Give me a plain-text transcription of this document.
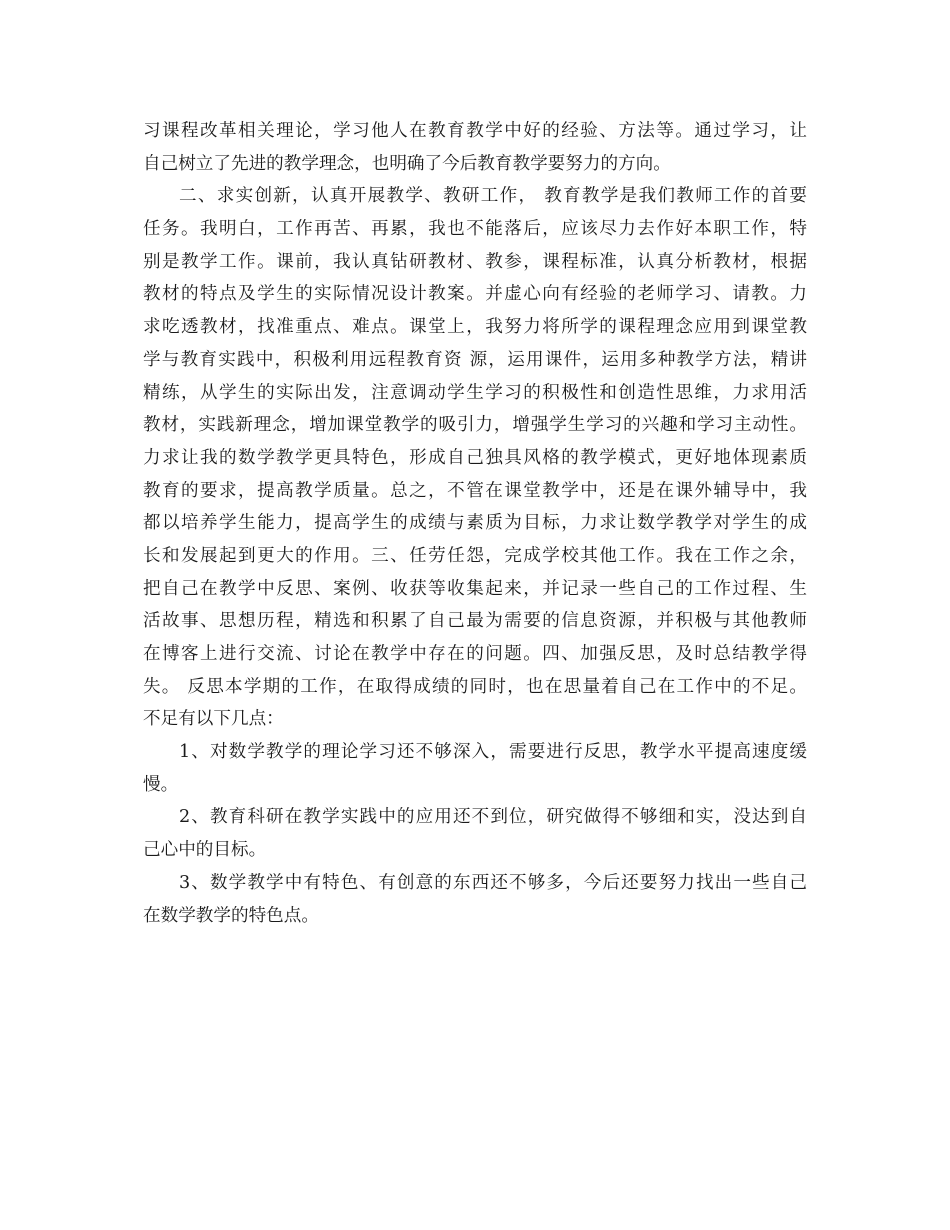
习课程改革相关理论，学习他人在教育教学中好的经验、方法等。通过学习，让
自己树立了先进的教学理念，也明确了今后教育教学要努力的方向。
二、求实创新，认真开展教学、教研工作， 教育教学是我们教师工作的首要
任务。我明白，工作再苦、再累，我也不能落后，应该尽力去作好本职工作，特
别是教学工作。课前，我认真钻研教材、教参，课程标准，认真分析教材，根据
教材的特点及学生的实际情况设计教案。并虚心向有经验的老师学习、请教。力
求吃透教材，找准重点、难点。课堂上，我努力将所学的课程理念应用到课堂教
学与教育实践中，积极利用远程教育资 源，运用课件，运用多种教学方法，精讲
精练，从学生的实际出发，注意调动学生学习的积极性和创造性思维，力求用活
教材，实践新理念，增加课堂教学的吸引力，增强学生学习的兴趣和学习主动性。
力求让我的数学教学更具特色，形成自己独具风格的教学模式，更好地体现素质
教育的要求，提高教学质量。总之，不管在课堂教学中，还是在课外辅导中，我
都以培养学生能力，提高学生的成绩与素质为目标，力求让数学教学对学生的成
长和发展起到更大的作用。三、任劳任怨，完成学校其他工作。我在工作之余，
把自己在教学中反思、案例、收获等收集起来，并记录一些自己的工作过程、生
活故事、思想历程，精选和积累了自己最为需要的信息资源，并积极与其他教师
在博客上进行交流、讨论在教学中存在的问题。四、加强反思，及时总结教学得
失。 反思本学期的工作，在取得成绩的同时，也在思量着自己在工作中的不足。
不足有以下几点：
1、对数学教学的理论学习还不够深入，需要进行反思，教学水平提高速度缓
慢。
2、教育科研在教学实践中的应用还不到位，研究做得不够细和实，没达到自
己心中的目标。
3、数学教学中有特色、有创意的东西还不够多，今后还要努力找出一些自己
在数学教学的特色点。
